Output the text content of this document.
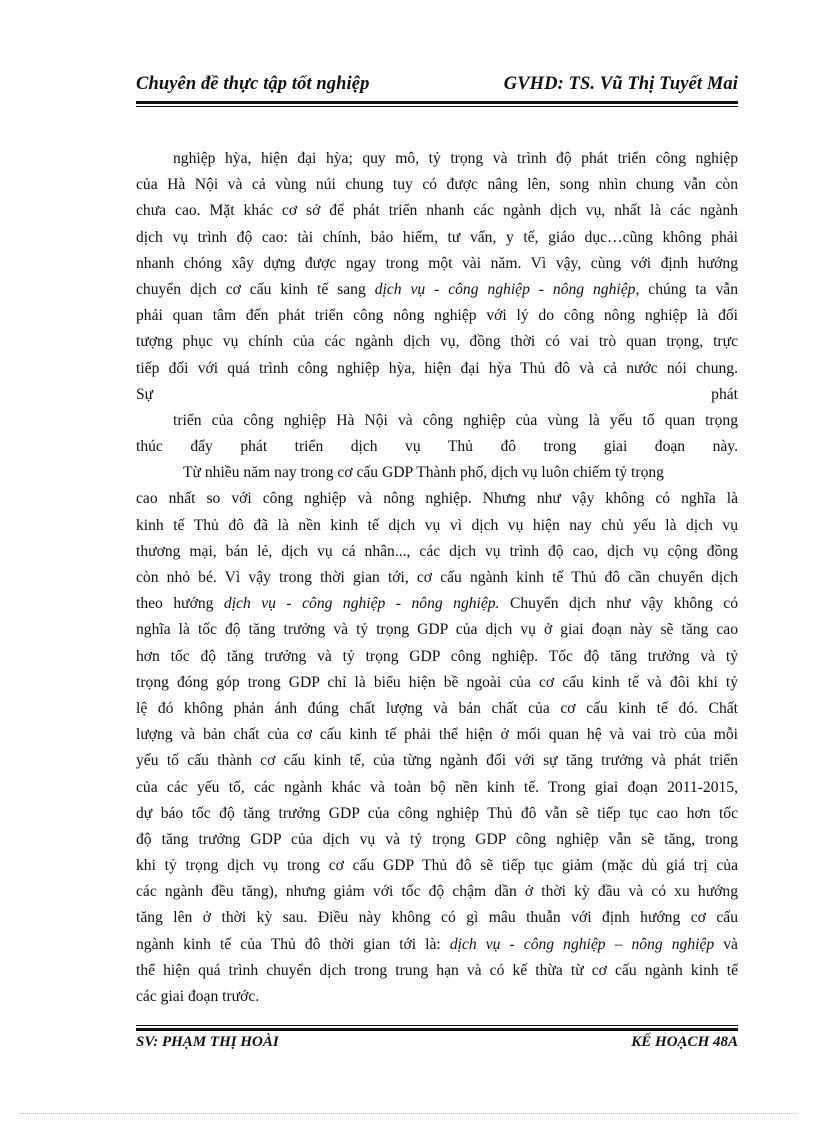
Chuyên đề thực tập tốt nghiệp	GVHD: TS. Vũ Thị Tuyết Mai
nghiệp hỳa, hiện đại hỳa; quy mô, tỷ trọng và trình độ phát triển công nghiệp
của Hà Nội và cả vùng núi chung tuy có được nâng lên, song nhìn chung vẫn còn
chưa cao. Mặt khác cơ sở để phát triển nhanh các ngành dịch vụ, nhất là các ngành
dịch vụ trình độ cao: tài chính, bảo hiểm, tư vấn, y tế, giáo dục…cũng không phải
nhanh chóng xây dựng được ngay trong một vài năm. Vì vậy, cùng với định hướng
chuyển dịch cơ cấu kinh tế sang dịch vụ - công nghiệp - nông nghiệp, chúng ta vẫn
phải quan tâm đến phát triển công nông nghiệp với lý do công nông nghiệp là đối
tượng phục vụ chính của các ngành dịch vụ, đồng thời có vai trò quan trọng, trực
tiếp đối với quá trình công nghiệp hỳa, hiện đại hỳa Thủ đô và cả nước nói chung.
Sự	phát
triển của công nghiệp Hà Nội và công nghiệp của vùng là yếu tố quan trọng
thúc đẩy phát triển dịch vụ Thủ đô trong giai đoạn này.
Từ nhiều năm nay trong cơ cấu GDP Thành phố, dịch vụ luôn chiếm tỷ trọng
cao nhất so với công nghiệp và nông nghiệp. Nhưng như vậy không có nghĩa là
kinh tế Thủ đô đã là nền kinh tế dịch vụ vì dịch vụ hiện nay chủ yếu là dịch vụ
thương mại, bán lẻ, dịch vụ cá nhân..., các dịch vụ trình độ cao, dịch vụ cộng đồng
còn nhỏ bé. Vì vậy trong thời gian tới, cơ cấu ngành kinh tế Thủ đô cần chuyển dịch
theo hướng dịch vụ - công nghiệp - nông nghiệp. Chuyển dịch như vậy không có
nghĩa là tốc độ tăng trưởng và tỷ trọng GDP của dịch vụ ở giai đoạn này sẽ tăng cao
hơn tốc độ tăng trưởng và tỷ trọng GDP công nghiệp. Tốc độ tăng trưởng và tỷ
trọng đóng góp trong GDP chỉ là biểu hiện bề ngoài của cơ cấu kinh tế và đôi khi tỷ
lệ đó không phản ánh đúng chất lượng và bản chất của cơ cấu kinh tế đó. Chất
lượng và bản chất của cơ cấu kinh tế phải thể hiện ở mối quan hệ và vai trò của mỗi
yếu tố cấu thành cơ cấu kinh tế, của từng ngành đối với sự tăng trưởng và phát triển
của các yếu tố, các ngành khác và toàn bộ nền kinh tế. Trong giai đoạn 2011-2015,
dự báo tốc độ tăng trưởng GDP của công nghiệp Thủ đô vẫn sẽ tiếp tục cao hơn tốc
độ tăng trưởng GDP của dịch vụ và tỷ trọng GDP công nghiệp vẫn sẽ tăng, trong
khi tỷ trọng dịch vụ trong cơ cấu GDP Thủ đô sẽ tiếp tục giảm (mặc dù giá trị của
các ngành đều tăng), nhưng giảm với tốc độ chậm dần ở thời kỳ đầu và có xu hướng
tăng lên ở thời kỳ sau. Điều này không có gì mâu thuẫn với định hướng cơ cấu
ngành kinh tế của Thủ đô thời gian tới là: dịch vụ - công nghiệp – nông nghiệp và
thể hiện quá trình chuyển dịch trong trung hạn và có kế thừa từ cơ cấu ngành kinh tế
các giai đoạn trước.
SV: PHẠM THỊ HOÀI	KẾ HOẠCH 48A
